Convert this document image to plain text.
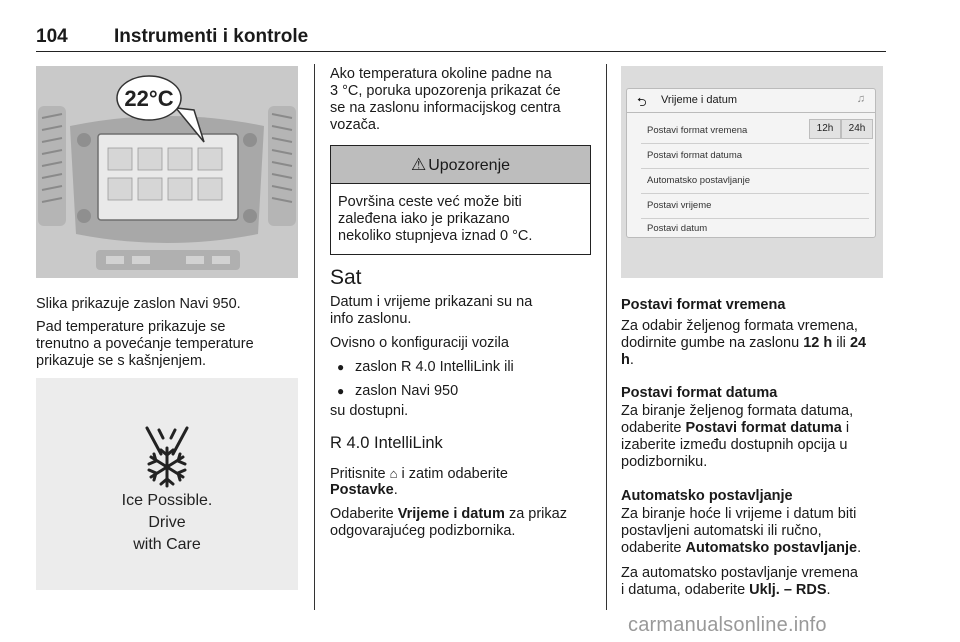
104 Instrumenti i kontrole
22°C
Slika prikazuje zaslon Navi 950.
Pad temperature prikazuje se
trenutno a povećanje temperature
prikazuje se s kašnjenjem.
Ice Possible.
Drive
with Care
Ako temperatura okoline padne na
3 °C, poruka upozorenja prikazat će
se na zaslonu informacijskog centra
vozača.
⚠ Upozorenje
Površina ceste već može biti
zaleđena iako je prikazano
nekoliko stupnjeva iznad 0 °C.
Sat
Datum i vrijeme prikazani su na
info zaslonu.
Ovisno o konfiguraciji vozila
● zaslon R 4.0 IntelliLink ili
● zaslon Navi 950
su dostupni.
R 4.0 IntelliLink
Pritisnite ⌂ i zatim odaberite
Postavke.
Odaberite Vrijeme i datum za prikaz
odgovarajućeg podizbornika.
⮌ Vrijeme i datum	♫
Postavi format vremena	12h	24h
Postavi format datuma
Automatsko postavljanje
Postavi vrijeme
Postavi datum
Postavi format vremena
Za odabir željenog formata vremena,
dodirnite gumbe na zaslonu 12 h ili 24
h.
Postavi format datuma
Za biranje željenog formata datuma,
odaberite Postavi format datuma i
izaberite između dostupnih opcija u
podizborniku.
Automatsko postavljanje
Za biranje hoće li vrijeme i datum biti
postavljeni automatski ili ručno,
odaberite Automatsko postavljanje.
Za automatsko postavljanje vremena
i datuma, odaberite Uklj. – RDS.
carmanualsonline.info
